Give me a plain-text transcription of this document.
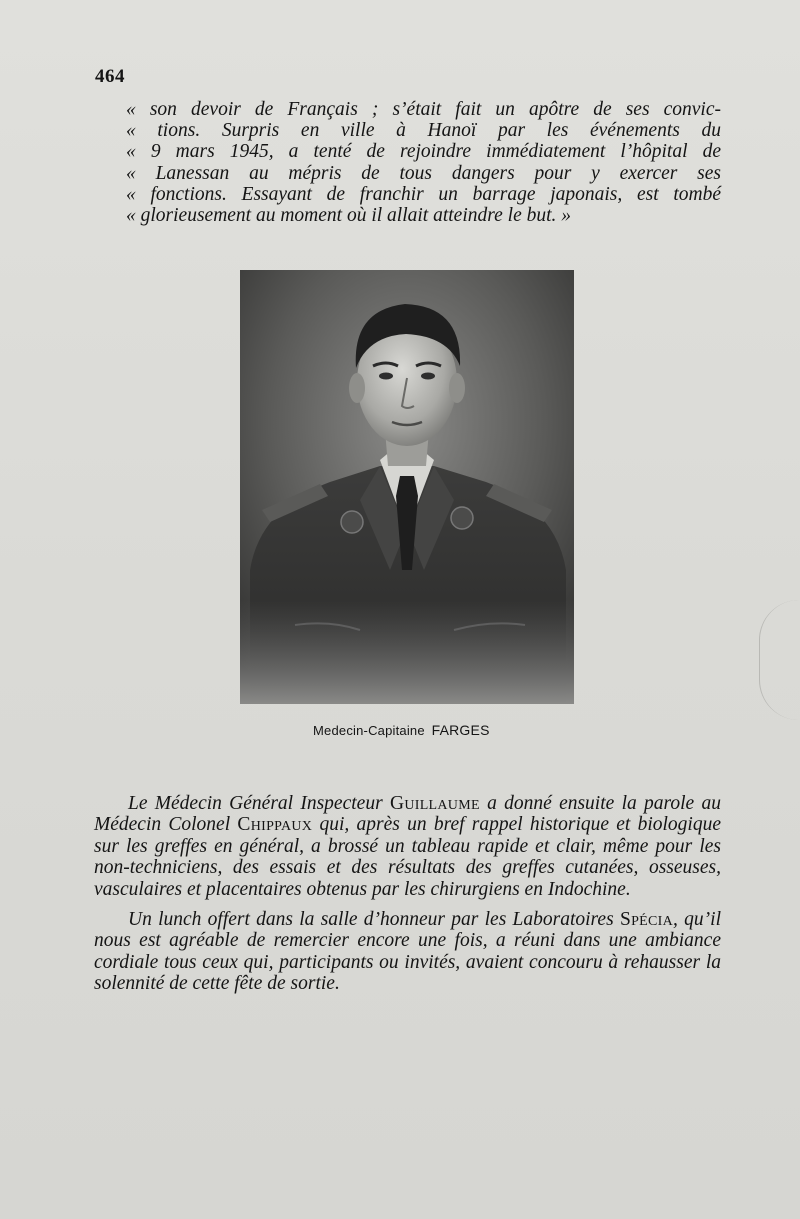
464
« son devoir de Français ; s’était fait un apôtre de ses convic-
« tions. Surpris en ville à Hanoï par les événements du
« 9 mars 1945, a tenté de rejoindre immédiatement l’hôpital de
« Lanessan au mépris de tous dangers pour y exercer ses
« fonctions. Essayant de franchir un barrage japonais, est tombé
« glorieusement au moment où il allait atteindre le but. »
Medecin-Capitaine FARGES

Le Médecin Général Inspecteur Guillaume a donné ensuite la parole au Médecin Colonel Chippaux qui, après un bref rappel historique et biologique sur les greffes en général, a brossé un tableau rapide et clair, même pour les non-techniciens, des essais et des résultats des greffes cutanées, osseuses, vasculaires et placentaires obtenus par les chirurgiens en Indochine.

Un lunch offert dans la salle d’honneur par les Laboratoires Spécia, qu’il nous est agréable de remercier encore une fois, a réuni dans une ambiance cordiale tous ceux qui, participants ou invités, avaient concouru à rehausser la solennité de cette fête de sortie.
